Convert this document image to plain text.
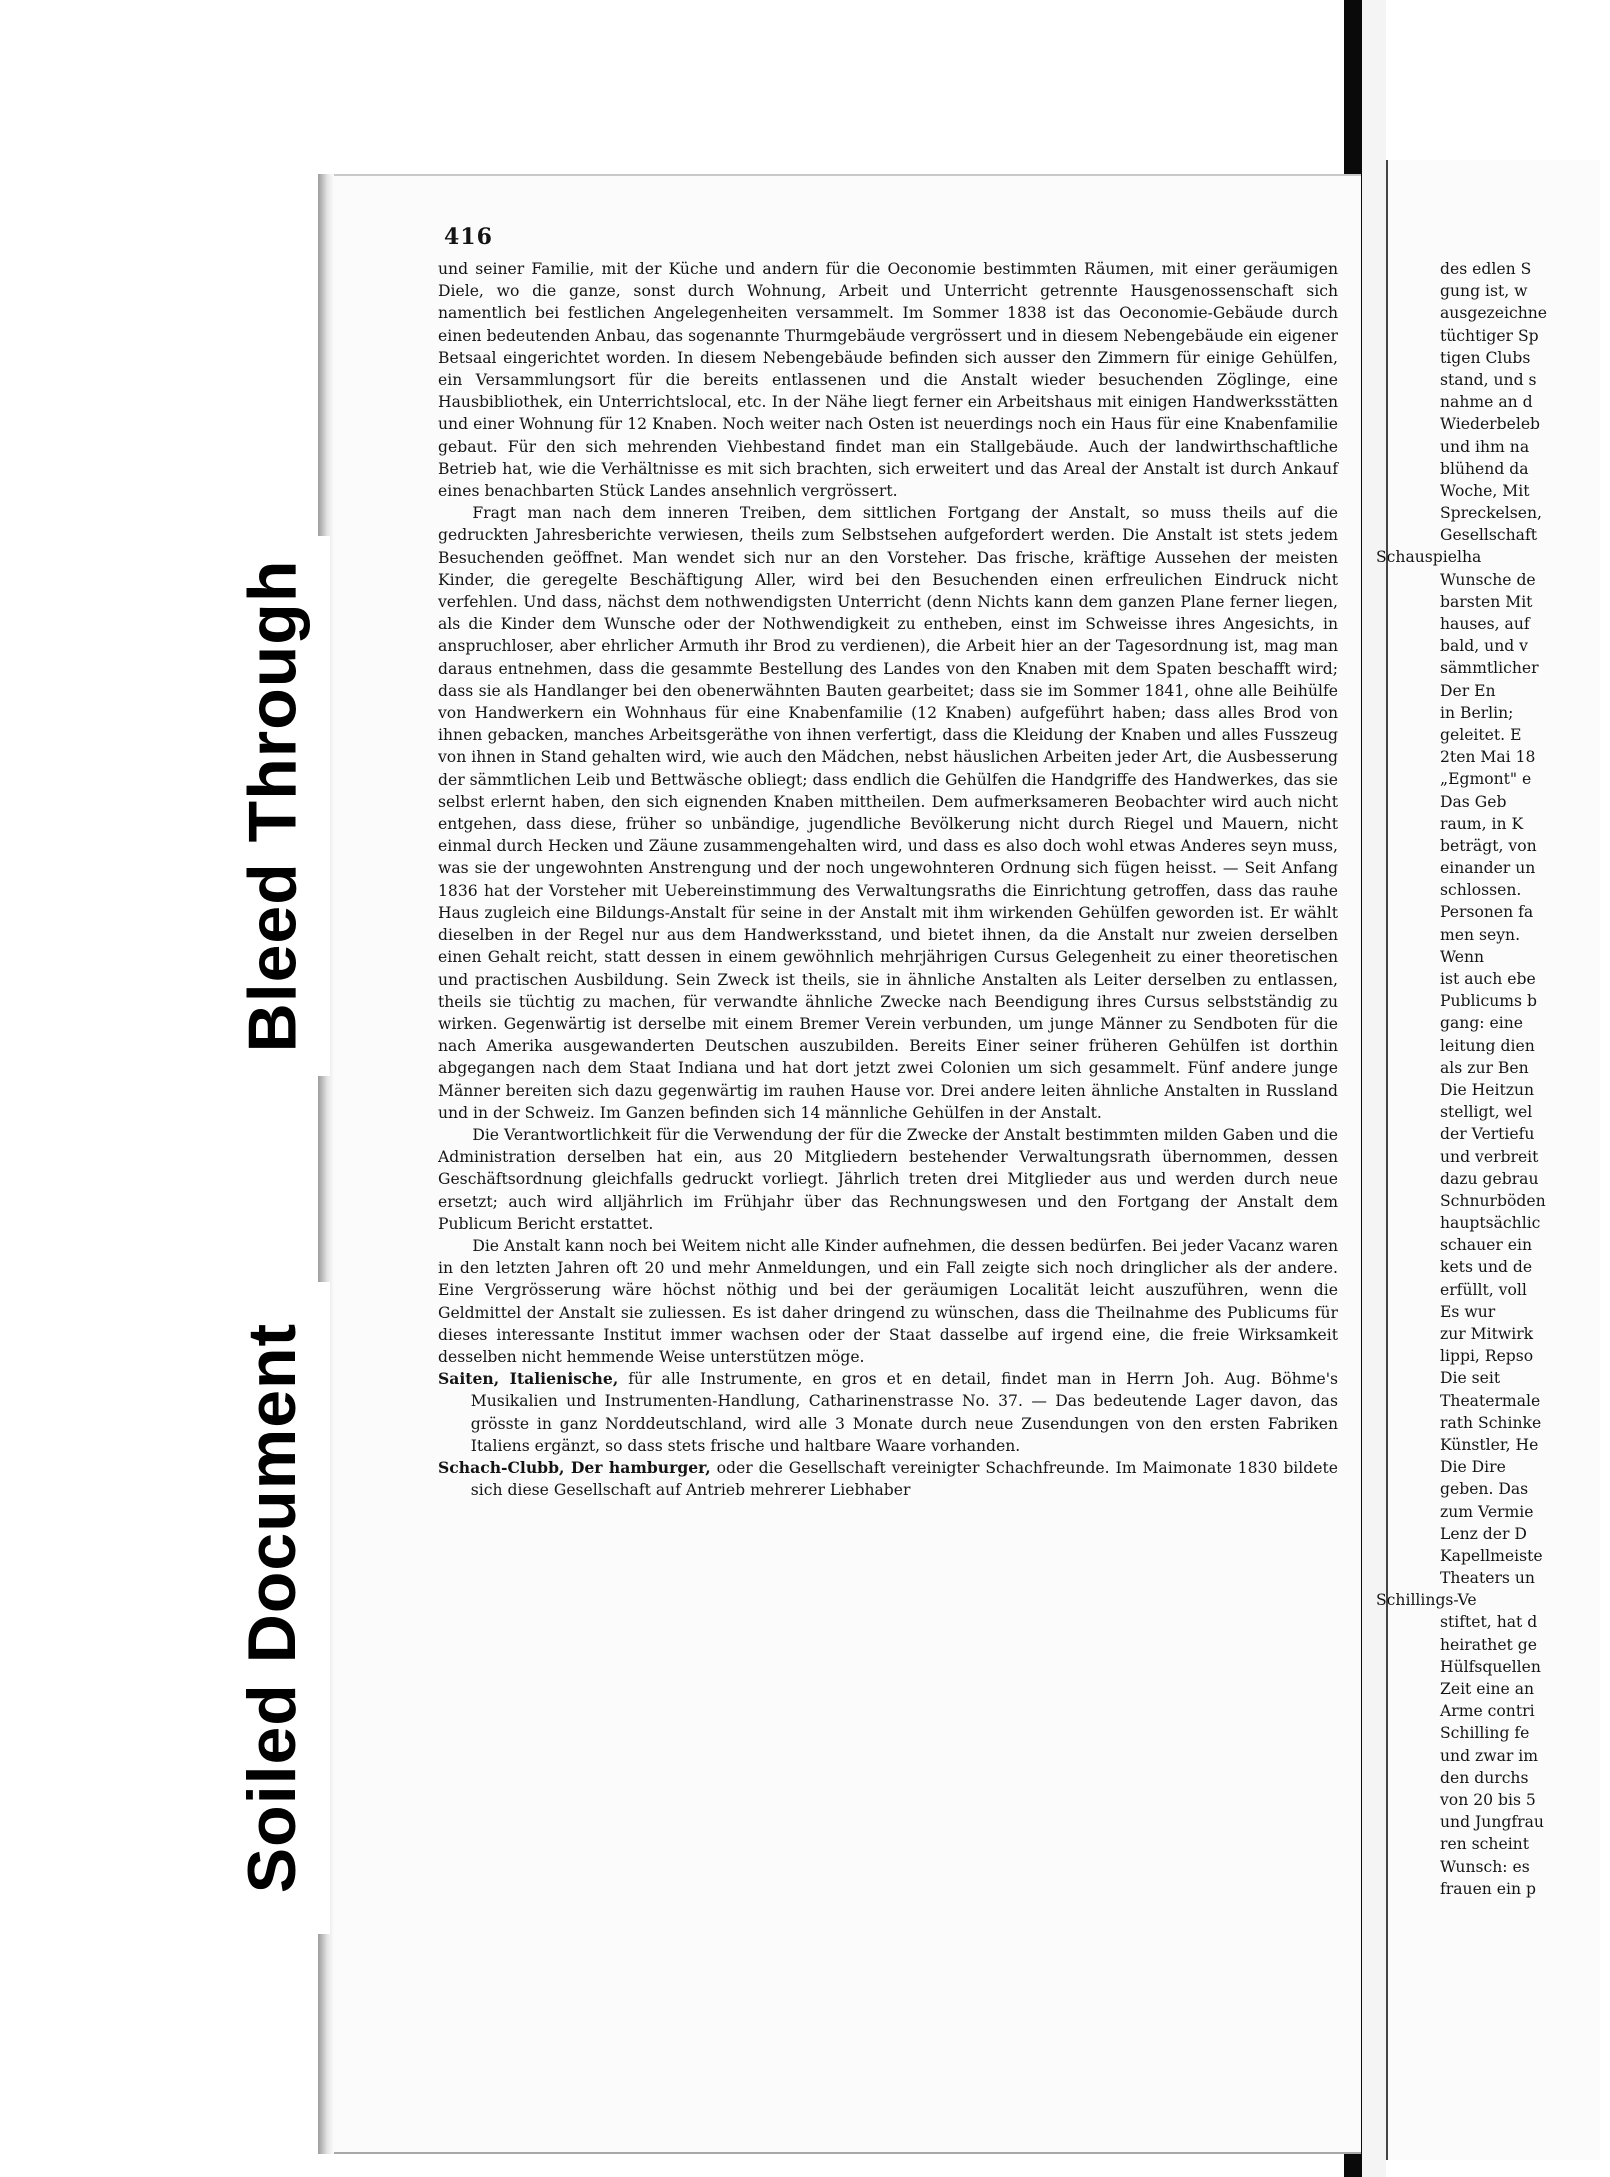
416

und seiner Familie, mit der Küche und andern für die Oeconomie bestimmten Räumen, mit einer geräumigen Diele, wo die ganze, sonst durch Wohnung, Arbeit und Unterricht getrennte Hausgenossenschaft sich namentlich bei festlichen Angelegenheiten versammelt. Im Sommer 1838 ist das Oeconomie-Gebäude durch einen bedeutenden Anbau, das sogenannte Thurmgebäude vergrössert und in diesem Nebengebäude ein eigener Betsaal eingerichtet worden. In diesem Nebengebäude befinden sich ausser den Zimmern für einige Gehülfen, ein Versammlungsort für die bereits entlassenen und die Anstalt wieder besuchenden Zöglinge, eine Hausbibliothek, ein Unterrichtslocal, etc. In der Nähe liegt ferner ein Arbeitshaus mit einigen Handwerksstätten und einer Wohnung für 12 Knaben. Noch weiter nach Osten ist neuerdings noch ein Haus für eine Knabenfamilie gebaut. Für den sich mehrenden Viehbestand findet man ein Stallgebäude. Auch der landwirthschaftliche Betrieb hat, wie die Verhältnisse es mit sich brachten, sich erweitert und das Areal der Anstalt ist durch Ankauf eines benachbarten Stück Landes ansehnlich vergrössert.

Fragt man nach dem inneren Treiben, dem sittlichen Fortgang der Anstalt, so muss theils auf die gedruckten Jahresberichte verwiesen, theils zum Selbstsehen aufgefordert werden. Die Anstalt ist stets jedem Besuchenden geöffnet. Man wendet sich nur an den Vorsteher. Das frische, kräftige Aussehen der meisten Kinder, die geregelte Beschäftigung Aller, wird bei den Besuchenden einen erfreulichen Eindruck nicht verfehlen. Und dass, nächst dem nothwendigsten Unterricht (denn Nichts kann dem ganzen Plane ferner liegen, als die Kinder dem Wunsche oder der Nothwendigkeit zu entheben, einst im Schweisse ihres Angesichts, in anspruchloser, aber ehrlicher Armuth ihr Brod zu verdienen), die Arbeit hier an der Tagesordnung ist, mag man daraus entnehmen, dass die gesammte Bestellung des Landes von den Knaben mit dem Spaten beschafft wird; dass sie als Handlanger bei den obenerwähnten Bauten gearbeitet; dass sie im Sommer 1841, ohne alle Beihülfe von Handwerkern ein Wohnhaus für eine Knabenfamilie (12 Knaben) aufgeführt haben; dass alles Brod von ihnen gebacken, manches Arbeitsgeräthe von ihnen verfertigt, dass die Kleidung der Knaben und alles Fusszeug von ihnen in Stand gehalten wird, wie auch den Mädchen, nebst häuslichen Arbeiten jeder Art, die Ausbesserung der sämmtlichen Leib und Bettwäsche obliegt; dass endlich die Gehülfen die Handgriffe des Handwerkes, das sie selbst erlernt haben, den sich eignenden Knaben mittheilen. Dem aufmerksameren Beobachter wird auch nicht entgehen, dass diese, früher so unbändige, jugendliche Bevölkerung nicht durch Riegel und Mauern, nicht einmal durch Hecken und Zäune zusammengehalten wird, und dass es also doch wohl etwas Anderes seyn muss, was sie der ungewohnten Anstrengung und der noch ungewohnteren Ordnung sich fügen heisst. — Seit Anfang 1836 hat der Vorsteher mit Uebereinstimmung des Verwaltungsraths die Einrichtung getroffen, dass das rauhe Haus zugleich eine Bildungs-Anstalt für seine in der Anstalt mit ihm wirkenden Gehülfen geworden ist. Er wählt dieselben in der Regel nur aus dem Handwerksstand, und bietet ihnen, da die Anstalt nur zweien derselben einen Gehalt reicht, statt dessen in einem gewöhnlich mehrjährigen Cursus Gelegenheit zu einer theoretischen und practischen Ausbildung. Sein Zweck ist theils, sie in ähnliche Anstalten als Leiter derselben zu entlassen, theils sie tüchtig zu machen, für verwandte ähnliche Zwecke nach Beendigung ihres Cursus selbstständig zu wirken. Gegenwärtig ist derselbe mit einem Bremer Verein verbunden, um junge Männer zu Sendboten für die nach Amerika ausgewanderten Deutschen auszubilden. Bereits Einer seiner früheren Gehülfen ist dorthin abgegangen nach dem Staat Indiana und hat dort jetzt zwei Colonien um sich gesammelt. Fünf andere junge Männer bereiten sich dazu gegenwärtig im rauhen Hause vor. Drei andere leiten ähnliche Anstalten in Russland und in der Schweiz. Im Ganzen befinden sich 14 männliche Gehülfen in der Anstalt.

Die Verantwortlichkeit für die Verwendung der für die Zwecke der Anstalt bestimmten milden Gaben und die Administration derselben hat ein, aus 20 Mitgliedern bestehender Verwaltungsrath übernommen, dessen Geschäftsordnung gleichfalls gedruckt vorliegt. Jährlich treten drei Mitglieder aus und werden durch neue ersetzt; auch wird alljährlich im Frühjahr über das Rechnungswesen und den Fortgang der Anstalt dem Publicum Bericht erstattet.

Die Anstalt kann noch bei Weitem nicht alle Kinder aufnehmen, die dessen bedürfen. Bei jeder Vacanz waren in den letzten Jahren oft 20 und mehr Anmeldungen, und ein Fall zeigte sich noch dringlicher als der andere. Eine Vergrösserung wäre höchst nöthig und bei der geräumigen Localität leicht auszuführen, wenn die Geldmittel der Anstalt sie zuliessen. Es ist daher dringend zu wünschen, dass die Theilnahme des Publicums für dieses interessante Institut immer wachsen oder der Staat dasselbe auf irgend eine, die freie Wirksamkeit desselben nicht hemmende Weise unterstützen möge.

Saiten, Italienische, für alle Instrumente, en gros et en detail, findet man in Herrn Joh. Aug. Böhme's Musikalien und Instrumenten-Handlung, Catharinenstrasse No. 37. — Das bedeutende Lager davon, das grösste in ganz Norddeutschland, wird alle 3 Monate durch neue Zusendungen von den ersten Fabriken Italiens ergänzt, so dass stets frische und haltbare Waare vorhanden.

Schach-Clubb, Der hamburger, oder die Gesellschaft vereinigter Schachfreunde. Im Maimonate 1830 bildete sich diese Gesellschaft auf Antrieb mehrerer Liebhaber

des edlen S
gung ist, w
ausgezeichne
tüchtiger Sp
tigen Clubs
stand, und s
nahme an d
Wiederbeleb
und ihm na
blühend da
Woche, Mit
Spreckelsen,
Gesellschaft
Schauspielha
Wunsche de
barsten Mit
hauses, auf
bald, und v
sämmtlicher
Der En
in Berlin;
geleitet. E
2ten Mai 18
„Egmont" e
Das Geb
raum, in K
beträgt, von
einander un
schlossen.
Personen fa
men seyn.
Wenn
ist auch ebe
Publicums b
gang: eine
leitung dien
als zur Ben
Die Heitzun
stelligt, wel
der Vertiefu
und verbreit
dazu gebrau
Schnurböden
hauptsächlic
schauer ein
kets und de
erfüllt, voll
Es wur
zur Mitwirk
lippi, Repso
Die seit
Theatermale
rath Schinke
Künstler, He
Die Dire
geben. Das
zum Vermie
Lenz der D
Kapellmeiste
Theaters un
Schillings-Ve
stiftet, hat d
heirathet ge
Hülfsquellen
Zeit eine an
Arme contri
Schilling fe
und zwar im
den durchs
von 20 bis 5
und Jungfrau
ren scheint
Wunsch: es
frauen ein p
Bleed Through
Soiled Document
